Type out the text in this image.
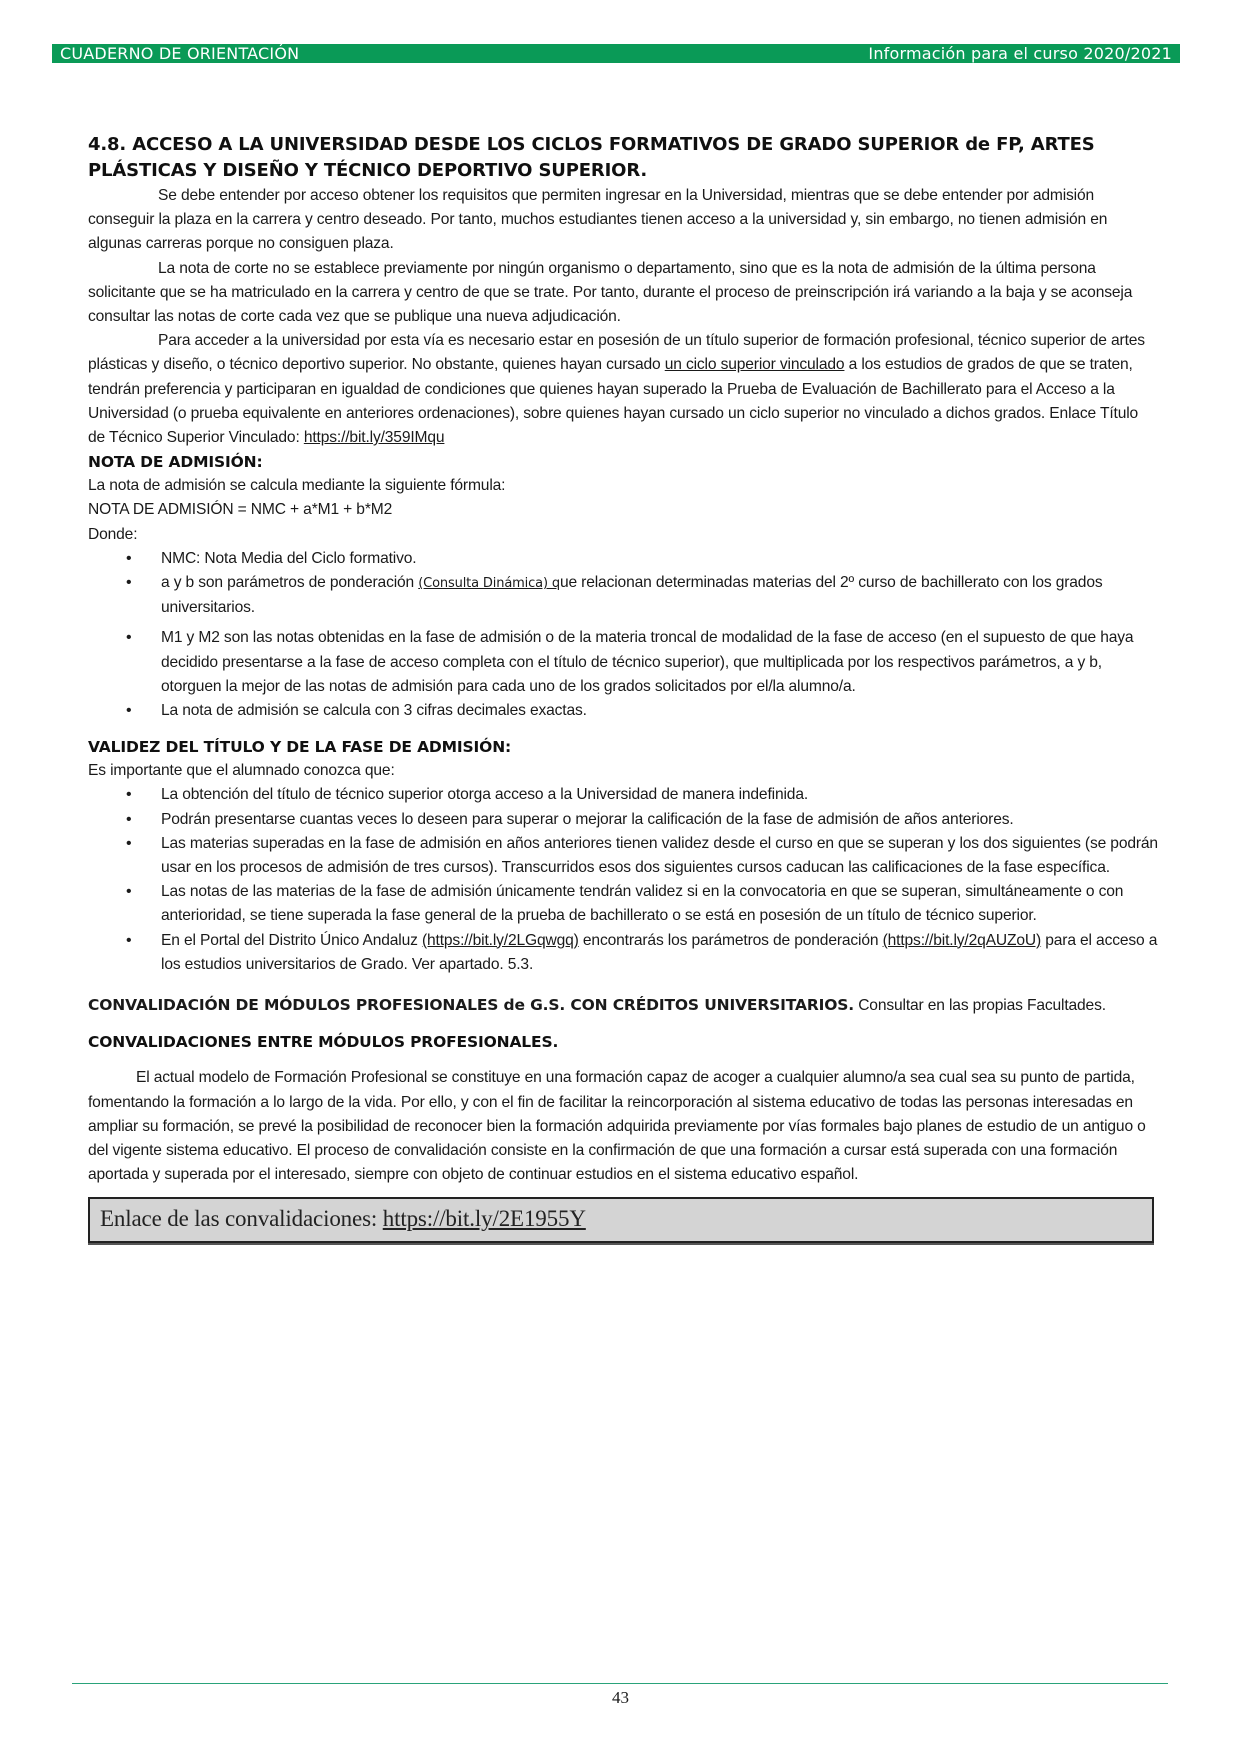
CUADERNO DE ORIENTACIÓN	Información para el curso 2020/2021

4.8. ACCESO A LA UNIVERSIDAD DESDE LOS CICLOS FORMATIVOS DE GRADO SUPERIOR de FP, ARTES

PLÁSTICAS Y DISEÑO Y TÉCNICO DEPORTIVO SUPERIOR.

Se debe entender por acceso obtener los requisitos que permiten ingresar en la Universidad, mientras que se debe entender por admisión conseguir la plaza en la carrera y centro deseado. Por tanto, muchos estudiantes tienen acceso a la universidad y, sin embargo, no tienen admisión en algunas carreras porque no consiguen plaza.

La nota de corte no se establece previamente por ningún organismo o departamento, sino que es la nota de admisión de la última persona solicitante que se ha matriculado en la carrera y centro de que se trate. Por tanto, durante el proceso de preinscripción irá variando a la baja y se aconseja consultar las notas de corte cada vez que se publique una nueva adjudicación.

Para acceder a la universidad por esta vía es necesario estar en posesión de un título superior de formación profesional, técnico superior de artes plásticas y diseño, o técnico deportivo superior. No obstante, quienes hayan cursado un ciclo superior vinculado a los estudios de grados de que se traten, tendrán preferencia y participaran en igualdad de condiciones que quienes hayan superado la Prueba de Evaluación de Bachillerato para el Acceso a la Universidad (o prueba equivalente en anteriores ordenaciones), sobre quienes hayan cursado un ciclo superior no vinculado a dichos grados. Enlace Título de Técnico Superior Vinculado: https://bit.ly/359IMqu

NOTA DE ADMISIÓN:

La nota de admisión se calcula mediante la siguiente fórmula:

NOTA DE ADMISIÓN = NMC + a*M1 + b*M2

Donde:

• NMC: Nota Media del Ciclo formativo.
• a y b son parámetros de ponderación (Consulta Dinámica) que relacionan determinadas materias del 2º curso de bachillerato con los grados universitarios.
• M1 y M2 son las notas obtenidas en la fase de admisión o de la materia troncal de modalidad de la fase de acceso (en el supuesto de que haya decidido presentarse a la fase de acceso completa con el título de técnico superior), que multiplicada por los respectivos parámetros, a y b, otorguen la mejor de las notas de admisión para cada uno de los grados solicitados por el/la alumno/a.
• La nota de admisión se calcula con 3 cifras decimales exactas.

VALIDEZ DEL TÍTULO Y DE LA FASE DE ADMISIÓN:

Es importante que el alumnado conozca que:

• La obtención del título de técnico superior otorga acceso a la Universidad de manera indefinida.
• Podrán presentarse cuantas veces lo deseen para superar o mejorar la calificación de la fase de admisión de años anteriores.
• Las materias superadas en la fase de admisión en años anteriores tienen validez desde el curso en que se superan y los dos siguientes (se podrán usar en los procesos de admisión de tres cursos). Transcurridos esos dos siguientes cursos caducan las calificaciones de la fase específica.
• Las notas de las materias de la fase de admisión únicamente tendrán validez si en la convocatoria en que se superan, simultáneamente o con anterioridad, se tiene superada la fase general de la prueba de bachillerato o se está en posesión de un título de técnico superior.
• En el Portal del Distrito Único Andaluz (https://bit.ly/2LGqwgq) encontrarás los parámetros de ponderación (https://bit.ly/2qAUZoU) para el acceso a los estudios universitarios de Grado. Ver apartado. 5.3.

CONVALIDACIÓN DE MÓDULOS PROFESIONALES de G.S. CON CRÉDITOS UNIVERSITARIOS. Consultar en las propias Facultades.

CONVALIDACIONES ENTRE MÓDULOS PROFESIONALES.

El actual modelo de Formación Profesional se constituye en una formación capaz de acoger a cualquier alumno/a sea cual sea su punto de partida, fomentando la formación a lo largo de la vida. Por ello, y con el fin de facilitar la reincorporación al sistema educativo de todas las personas interesadas en ampliar su formación, se prevé la posibilidad de reconocer bien la formación adquirida previamente por vías formales bajo planes de estudio de un antiguo o del vigente sistema educativo. El proceso de convalidación consiste en la confirmación de que una formación a cursar está superada con una formación aportada y superada por el interesado, siempre con objeto de continuar estudios en el sistema educativo español.

Enlace de las convalidaciones: https://bit.ly/2E1955Y
43
